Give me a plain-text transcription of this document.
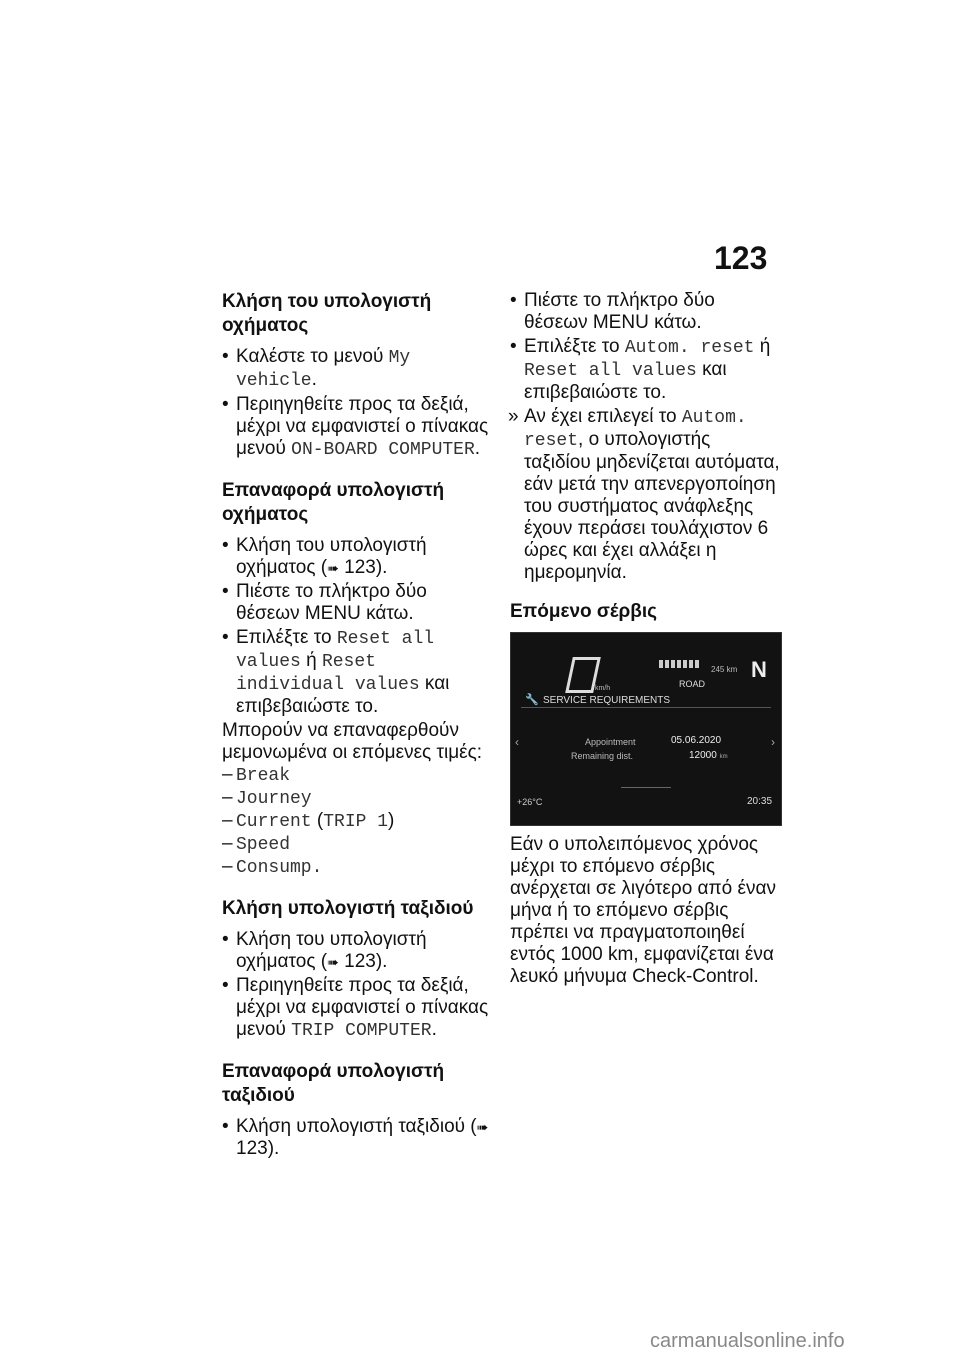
123
Κλήση του υπολογιστή οχήματος
• Καλέστε το μενού My vehicle.
• Περιηγηθείτε προς τα δεξιά, μέχρι να εμφανιστεί ο πίνακας μενού ON-BOARD COMPUTER.
Επαναφορά υπολογιστή οχήματος
• Κλήση του υπολογιστή οχήματος (➠ 123).
• Πιέστε το πλήκτρο δύο θέσεων MENU κάτω.
• Επιλέξτε το Reset all values ή Reset individual values και επιβεβαιώστε το.

Μπορούν να επαναφερθούν μεμονωμένα οι επόμενες τιμές:

– Break
– Journey
– Current (TRIP 1)
– Speed
– Consump.
Κλήση υπολογιστή ταξιδιού
• Κλήση του υπολογιστή οχήματος (➠ 123).
• Περιηγηθείτε προς τα δεξιά, μέχρι να εμφανιστεί ο πίνακας μενού TRIP COMPUTER.
Επαναφορά υπολογιστή ταξιδιού
• Κλήση υπολογιστή ταξιδιού (➠ 123).
• Πιέστε το πλήκτρο δύο θέσεων MENU κάτω.
• Επιλέξτε το Autom. reset ή Reset all values και επιβεβαιώστε το.
» Αν έχει επιλεγεί το Autom. reset, ο υπολογιστής ταξιδίου μηδενίζεται αυτόματα, εάν μετά την απενεργοποίηση του συστήματος ανάφλεξης έχουν περάσει τουλάχιστον 6 ώρες και έχει αλλάξει η ημερομηνία.
Επόμενο σέρβις
km/h
245 km
ROAD
N
🔧 SERVICE REQUIREMENTS
‹	›
Appointment	05.06.2020
Remaining dist.	12000 km
+26°C	20:35

Εάν ο υπολειπόμενος χρόνος μέχρι το επόμενο σέρβις ανέρχεται σε λιγότερο από έναν μήνα ή το επόμενο σέρβις πρέπει να πραγματοποιηθεί εντός 1000 km, εμφανίζεται ένα λευκό μήνυμα Check-Control.

carmanualsonline.info
